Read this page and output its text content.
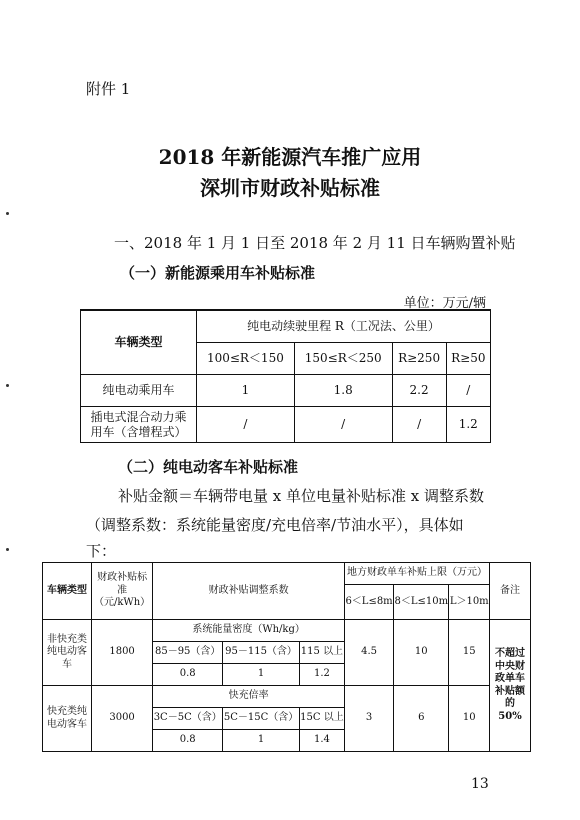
附件 1
2018 年新能源汽车推广应用
深圳市财政补贴标准
一、2018 年 1 月 1 日至 2018 年 2 月 11 日车辆购置补贴
（一）新能源乘用车补贴标准
单位：万元/辆
车辆类型	纯电动续驶里程 R（工况法、公里）			
	100≤R＜150	150≤R＜250	R≥250	R≥50
纯电动乘用车	1	1.8	2.2	/
插电式混合动力乘用车（含增程式）	/	/	/	1.2
（二）纯电动客车补贴标准
补贴金额＝车辆带电量 x 单位电量补贴标准 x 调整系数
（调整系数：系统能量密度/充电倍率/节油水平），具体如
下：
车辆类型	财政补贴标准（元/kWh）	财政补贴调整系数			地方财政单车补贴上限（万元）			备注
					6＜L≤8m	8＜L≤10m	L＞10m	
非快充类纯电动客车	1800	系统能量密度（Wh/kg）			4.5	10	15	不超过中央财政单车补贴额的 50%
		85－95（含）	95－115（含）	115 以上				
		0.8	1	1.2				
快充类纯电动客车	3000	快充倍率			3	6	10	
		3C－5C（含）	5C－15C（含）	15C 以上				
		0.8	1	1.4				
13
